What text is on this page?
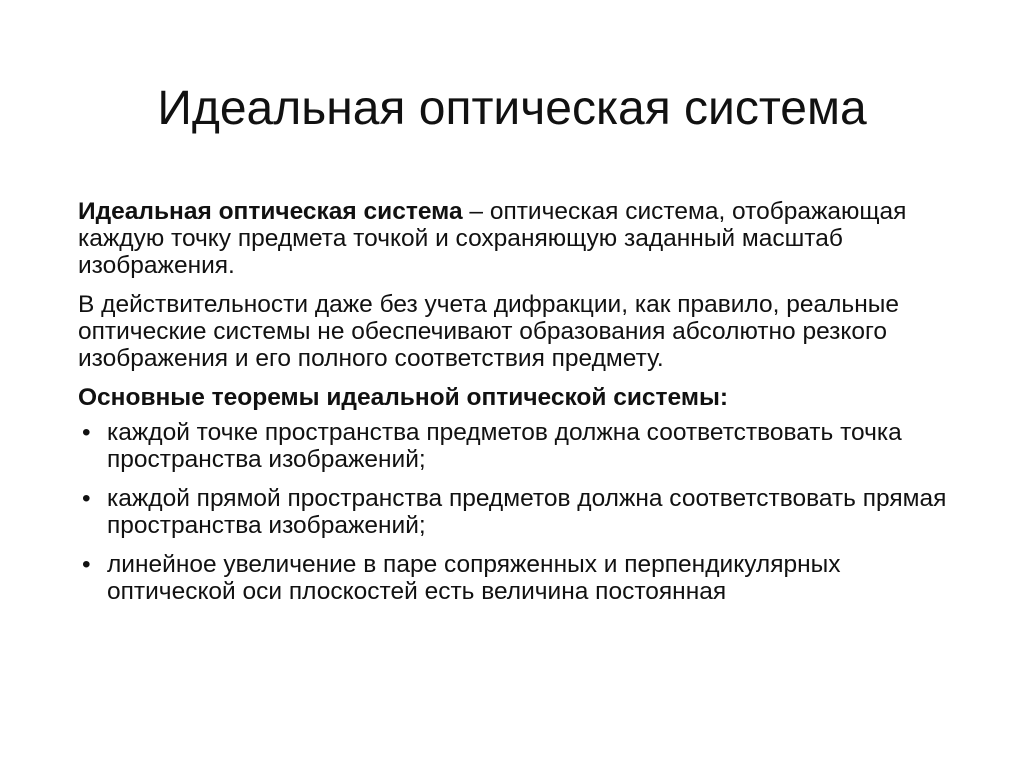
Идеальная оптическая система

Идеальная оптическая система – оптическая система, отображающая каждую точку предмета точкой и сохраняющую заданный масштаб изображения.

В действительности даже без учета дифракции, как правило, реальные оптические системы не обеспечивают образования абсолютно резкого изображения и его полного соответствия предмету.

Основные теоремы идеальной оптической системы:

• каждой точке пространства предметов должна соответствовать точка пространства изображений;
• каждой прямой пространства предметов должна соответствовать прямая пространства изображений;
• линейное увеличение в паре сопряженных и перпендикулярных оптической оси плоскостей есть величина постоянная
